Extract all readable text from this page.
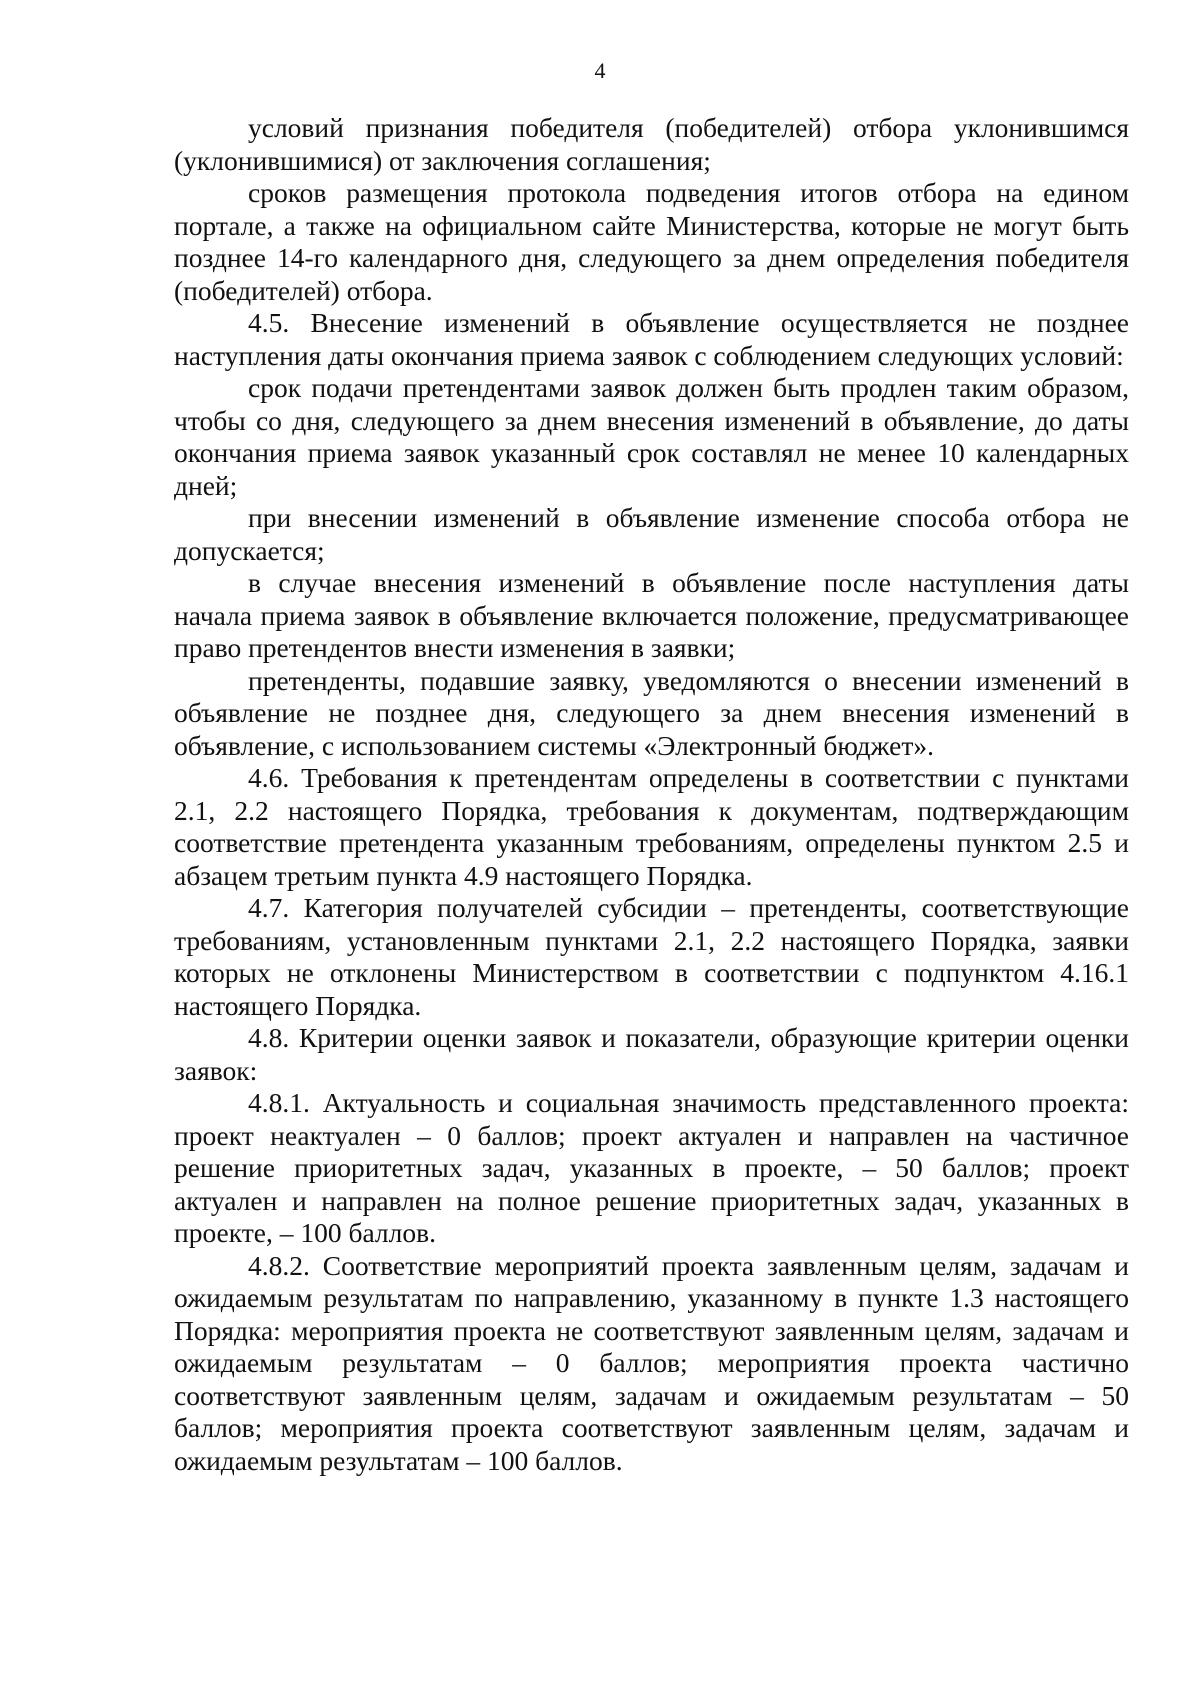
4

условий признания победителя (победителей) отбора уклонившимся (уклонившимися) от заключения соглашения;

сроков размещения протокола подведения итогов отбора на едином портале, а также на официальном сайте Министерства, которые не могут быть позднее 14-го календарного дня, следующего за днем определения победителя (победителей) отбора.

4.5. Внесение изменений в объявление осуществляется не позднее наступления даты окончания приема заявок с соблюдением следующих условий:

срок подачи претендентами заявок должен быть продлен таким образом, чтобы со дня, следующего за днем внесения изменений в объявление, до даты окончания приема заявок указанный срок составлял не менее 10 календарных дней;

при внесении изменений в объявление изменение способа отбора не допускается;

в случае внесения изменений в объявление после наступления даты начала приема заявок в объявление включается положение, предусматривающее право претендентов внести изменения в заявки;

претенденты, подавшие заявку, уведомляются о внесении изменений в объявление не позднее дня, следующего за днем внесения изменений в объявление, с использованием системы «Электронный бюджет».

4.6. Требования к претендентам определены в соответствии с пунктами 2.1, 2.2 настоящего Порядка, требования к документам, подтверждающим соответствие претендента указанным требованиям, определены пунктом 2.5 и абзацем третьим пункта 4.9 настоящего Порядка.

4.7. Категория получателей субсидии – претенденты, соответствующие требованиям, установленным пунктами 2.1, 2.2 настоящего Порядка, заявки которых не отклонены Министерством в соответствии с подпунктом 4.16.1 настоящего Порядка.

4.8. Критерии оценки заявок и показатели, образующие критерии оценки заявок:

4.8.1. Актуальность и социальная значимость представленного проекта: проект неактуален – 0 баллов; проект актуален и направлен на частичное решение приоритетных задач, указанных в проекте, – 50 баллов; проект актуален и направлен на полное решение приоритетных задач, указанных в проекте, – 100 баллов.

4.8.2. Соответствие мероприятий проекта заявленным целям, задачам и ожидаемым результатам по направлению, указанному в пункте 1.3 настоящего Порядка: мероприятия проекта не соответствуют заявленным целям, задачам и ожидаемым результатам – 0 баллов; мероприятия проекта частично соответствуют заявленным целям, задачам и ожидаемым результатам – 50 баллов; мероприятия проекта соответствуют заявленным целям, задачам и ожидаемым результатам – 100 баллов.
